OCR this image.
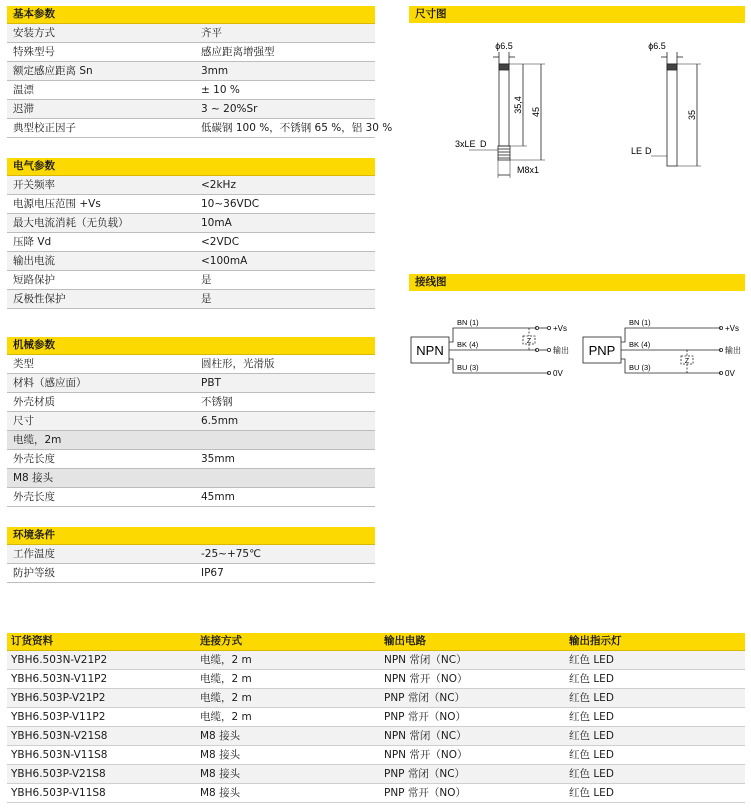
基本参数
安装方式	齐平
特殊型号	感应距离增强型
额定感应距离 Sn	3mm
温漂	± 10 %
迟滞	3 ~ 20%Sr
典型校正因子	低碳钢 100 %，不锈钢 65 %，铝 30 %
电气参数
开关频率	<2kHz
电源电压范围 +Vs	10~36VDC
最大电流消耗（无负载）	10mA
压降 Vd	<2VDC
输出电流	<100mA
短路保护	是
反极性保护	是
机械参数
类型	圆柱形，光滑版
材料（感应面）	PBT
外壳材质	不锈钢
尺寸	6.5mm
电缆，2m
外壳长度	35mm
M8 接头
外壳长度	45mm
环境条件
工作温度	-25~+75℃
防护等级	IP67
尺寸图
ϕ6.5
35,4 45
3xLE D
M8x1
ϕ6.5
35
LE D
接线图
NPN
BN (1)
BK (4)
BU (3)
Z
+Vs
输出
0V
PNP
BN (1)
BK (4)
BU (3)
Z
+Vs
输出
0V
订货资料	连接方式	输出电路	输出指示灯
YBH6.503N-V21P2	电缆，2 m	NPN 常闭（NC）	红色 LED
YBH6.503N-V11P2	电缆，2 m	NPN 常开（NO）	红色 LED
YBH6.503P-V21P2	电缆，2 m	PNP 常闭（NC）	红色 LED
YBH6.503P-V11P2	电缆，2 m	PNP 常开（NO）	红色 LED
YBH6.503N-V21S8	M8 接头	NPN 常闭（NC）	红色 LED
YBH6.503N-V11S8	M8 接头	NPN 常开（NO）	红色 LED
YBH6.503P-V21S8	M8 接头	PNP 常闭（NC）	红色 LED
YBH6.503P-V11S8	M8 接头	PNP 常开（NO）	红色 LED
